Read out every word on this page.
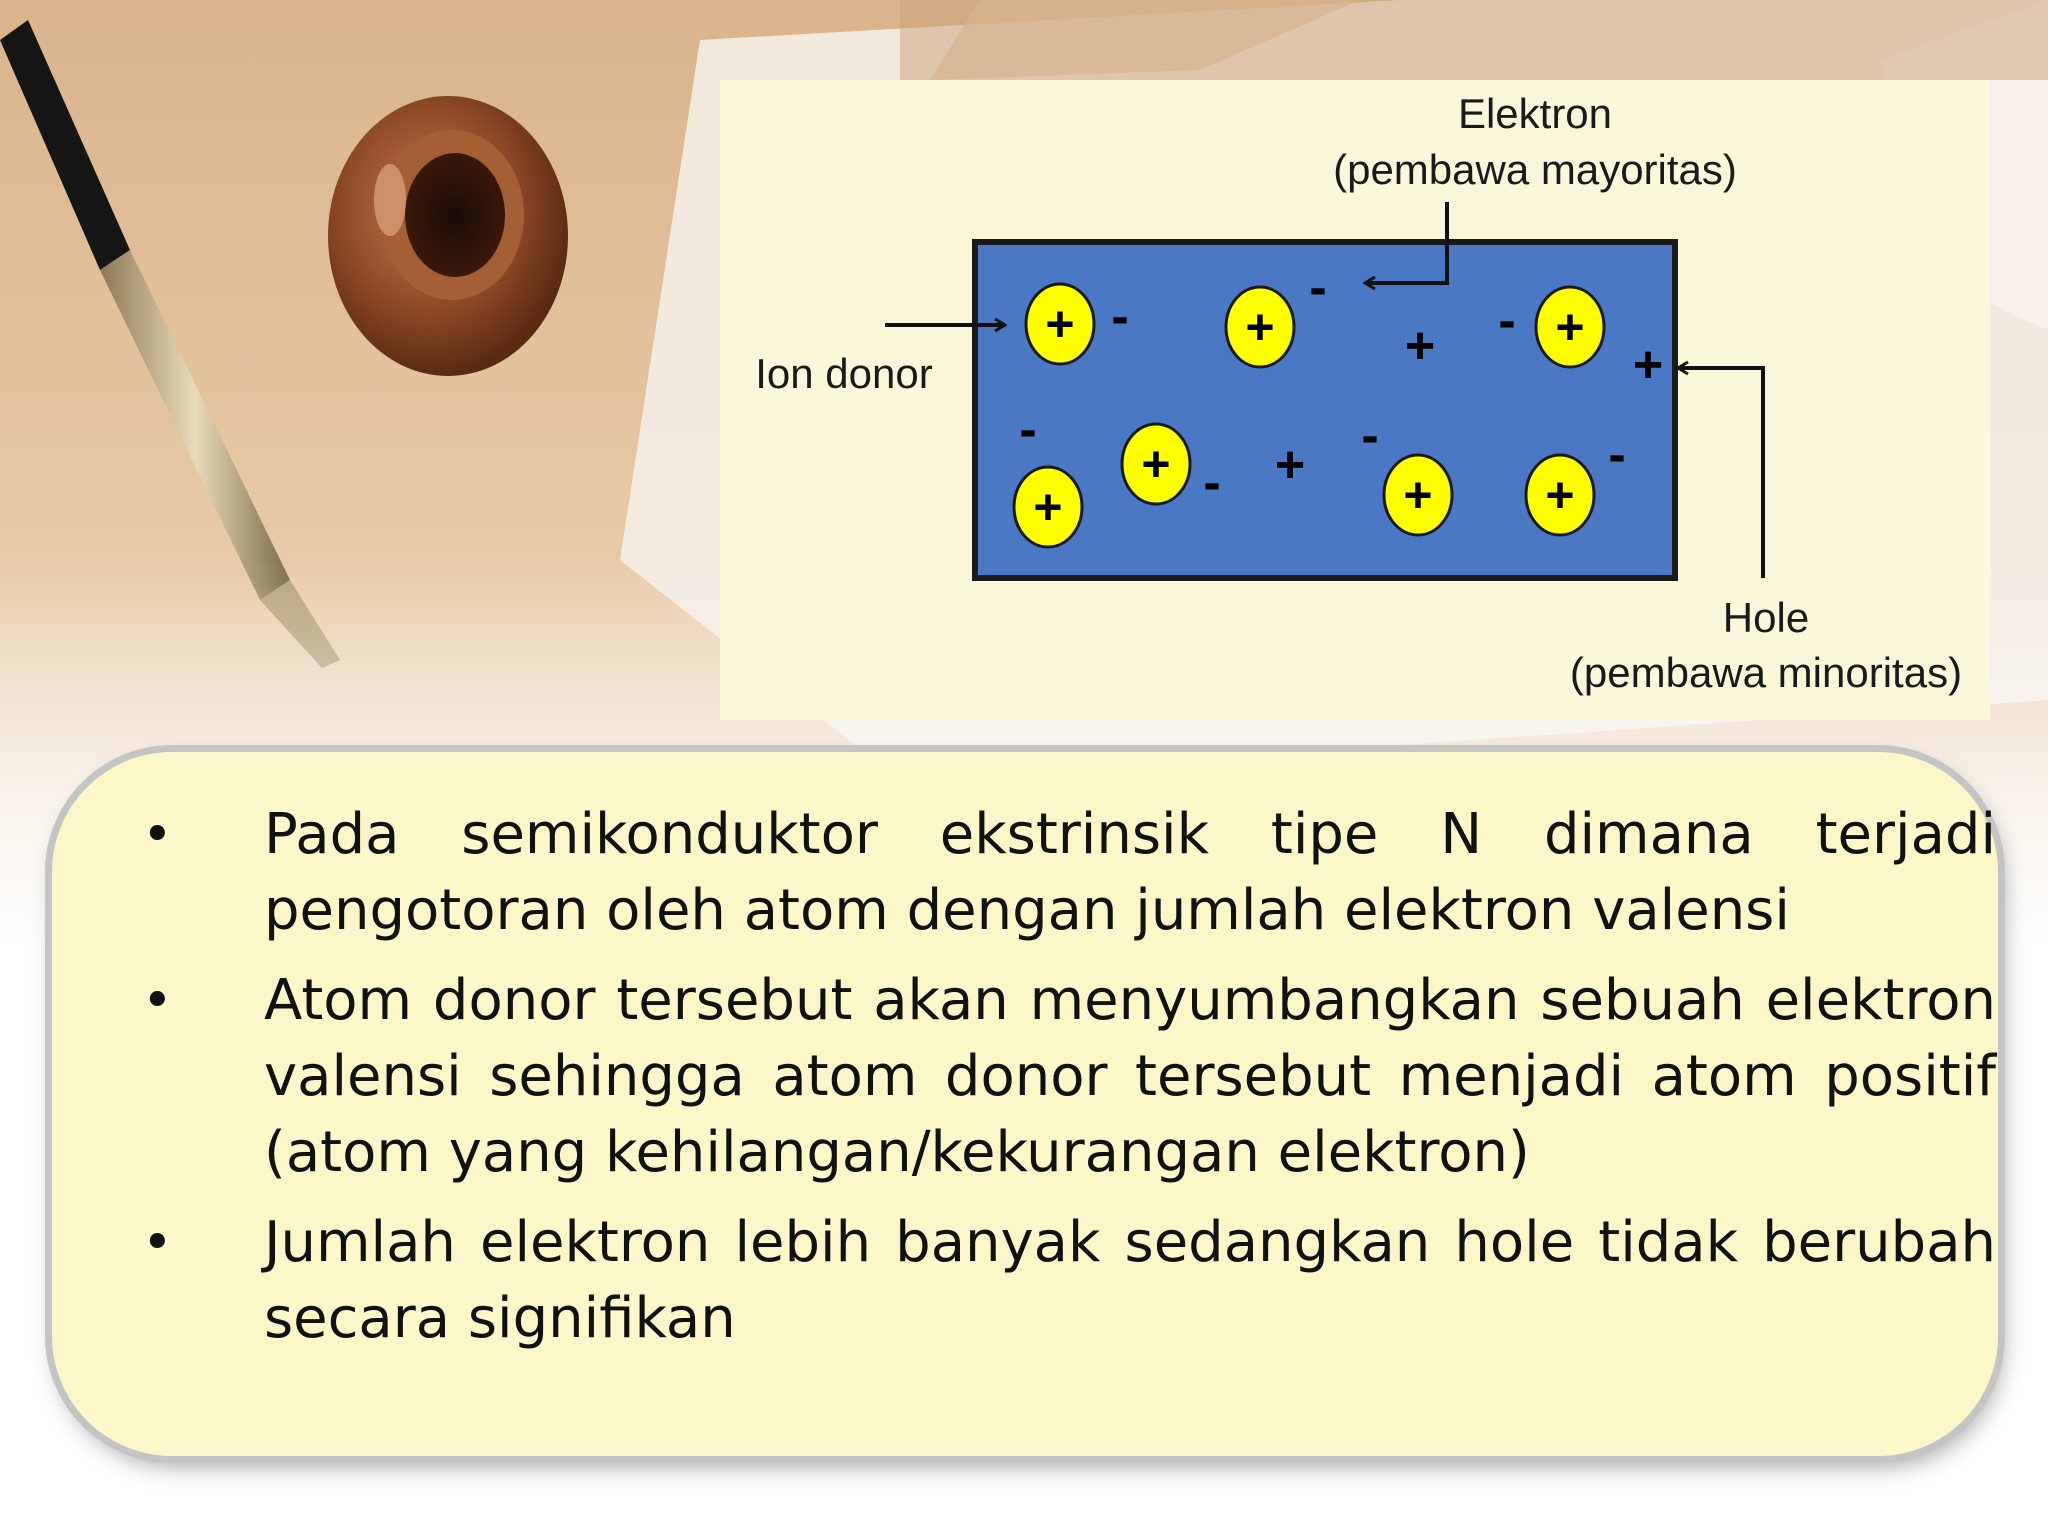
Elektron
(pembawa mayoritas)
Ion donor
Hole
(pembawa minoritas)
+	+	+
+
+
+ +
+
+
+
-	-
-
-
-
-	-
• Pada semikonduktor ekstrinsik tipe N dimana terjadi pengotoran oleh atom dengan jumlah elektron valensi
• Atom donor tersebut akan menyumbangkan sebuah elektron valensi sehingga atom donor tersebut menjadi atom positif (atom yang kehilangan/kekurangan elektron)
• Jumlah elektron lebih banyak sedangkan hole tidak berubah secara signifikan
